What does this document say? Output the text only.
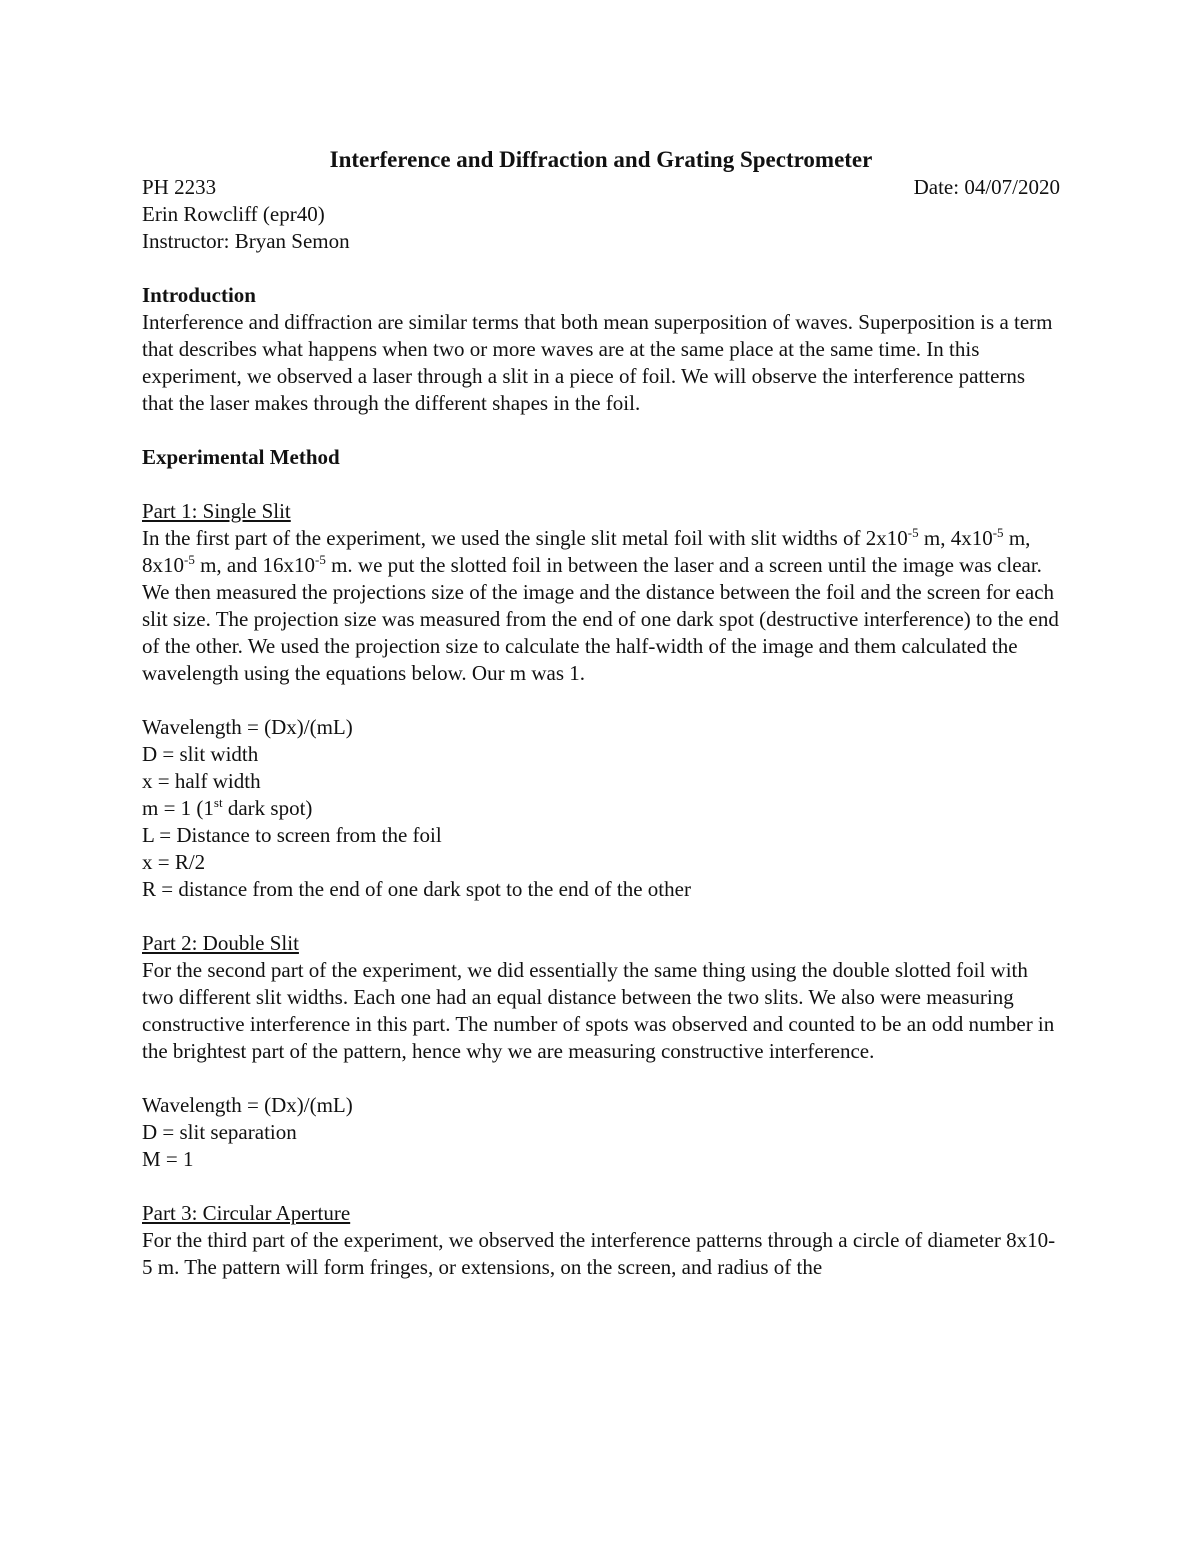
Interference and Diffraction and Grating Spectrometer
PH 2233	Date: 04/07/2020
Erin Rowcliff (epr40)
Instructor: Bryan Semon
Introduction

Interference and diffraction are similar terms that both mean superposition of waves. Superposition is a term that describes what happens when two or more waves are at the same place at the same time. In this experiment, we observed a laser through a slit in a piece of foil. We will observe the interference patterns that the laser makes through the different shapes in the foil.

Experimental Method
Part 1: Single Slit

In the first part of the experiment, we used the single slit metal foil with slit widths of $2x10^{-5}$ m, $4x10^{-5}$ m, $8x10^{-5}$ m, and $16x10^{-5}$ m. we put the slotted foil in between the laser and a screen until the image was clear. We then measured the projections size of the image and the distance between the foil and the screen for each slit size. The projection size was measured from the end of one dark spot (destructive interference) to the end of the other. We used the projection size to calculate the half-width of the image and them calculated the wavelength using the equations below. Our m was 1.

Wavelength = (Dx)/(mL)
D = slit width
x = half width
m = 1 (1st dark spot)
L = Distance to screen from the foil
x = R/2
R = distance from the end of one dark spot to the end of the other
Part 2: Double Slit

For the second part of the experiment, we did essentially the same thing using the double slotted foil with two different slit widths. Each one had an equal distance between the two slits. We also were measuring constructive interference in this part. The number of spots was observed and counted to be an odd number in the brightest part of the pattern, hence why we are measuring constructive interference.

Wavelength = (Dx)/(mL)
D = slit separation
M = 1
Part 3: Circular Aperture

For the third part of the experiment, we observed the interference patterns through a circle of diameter 8x10-5 m. The pattern will form fringes, or extensions, on the screen, and radius of the
